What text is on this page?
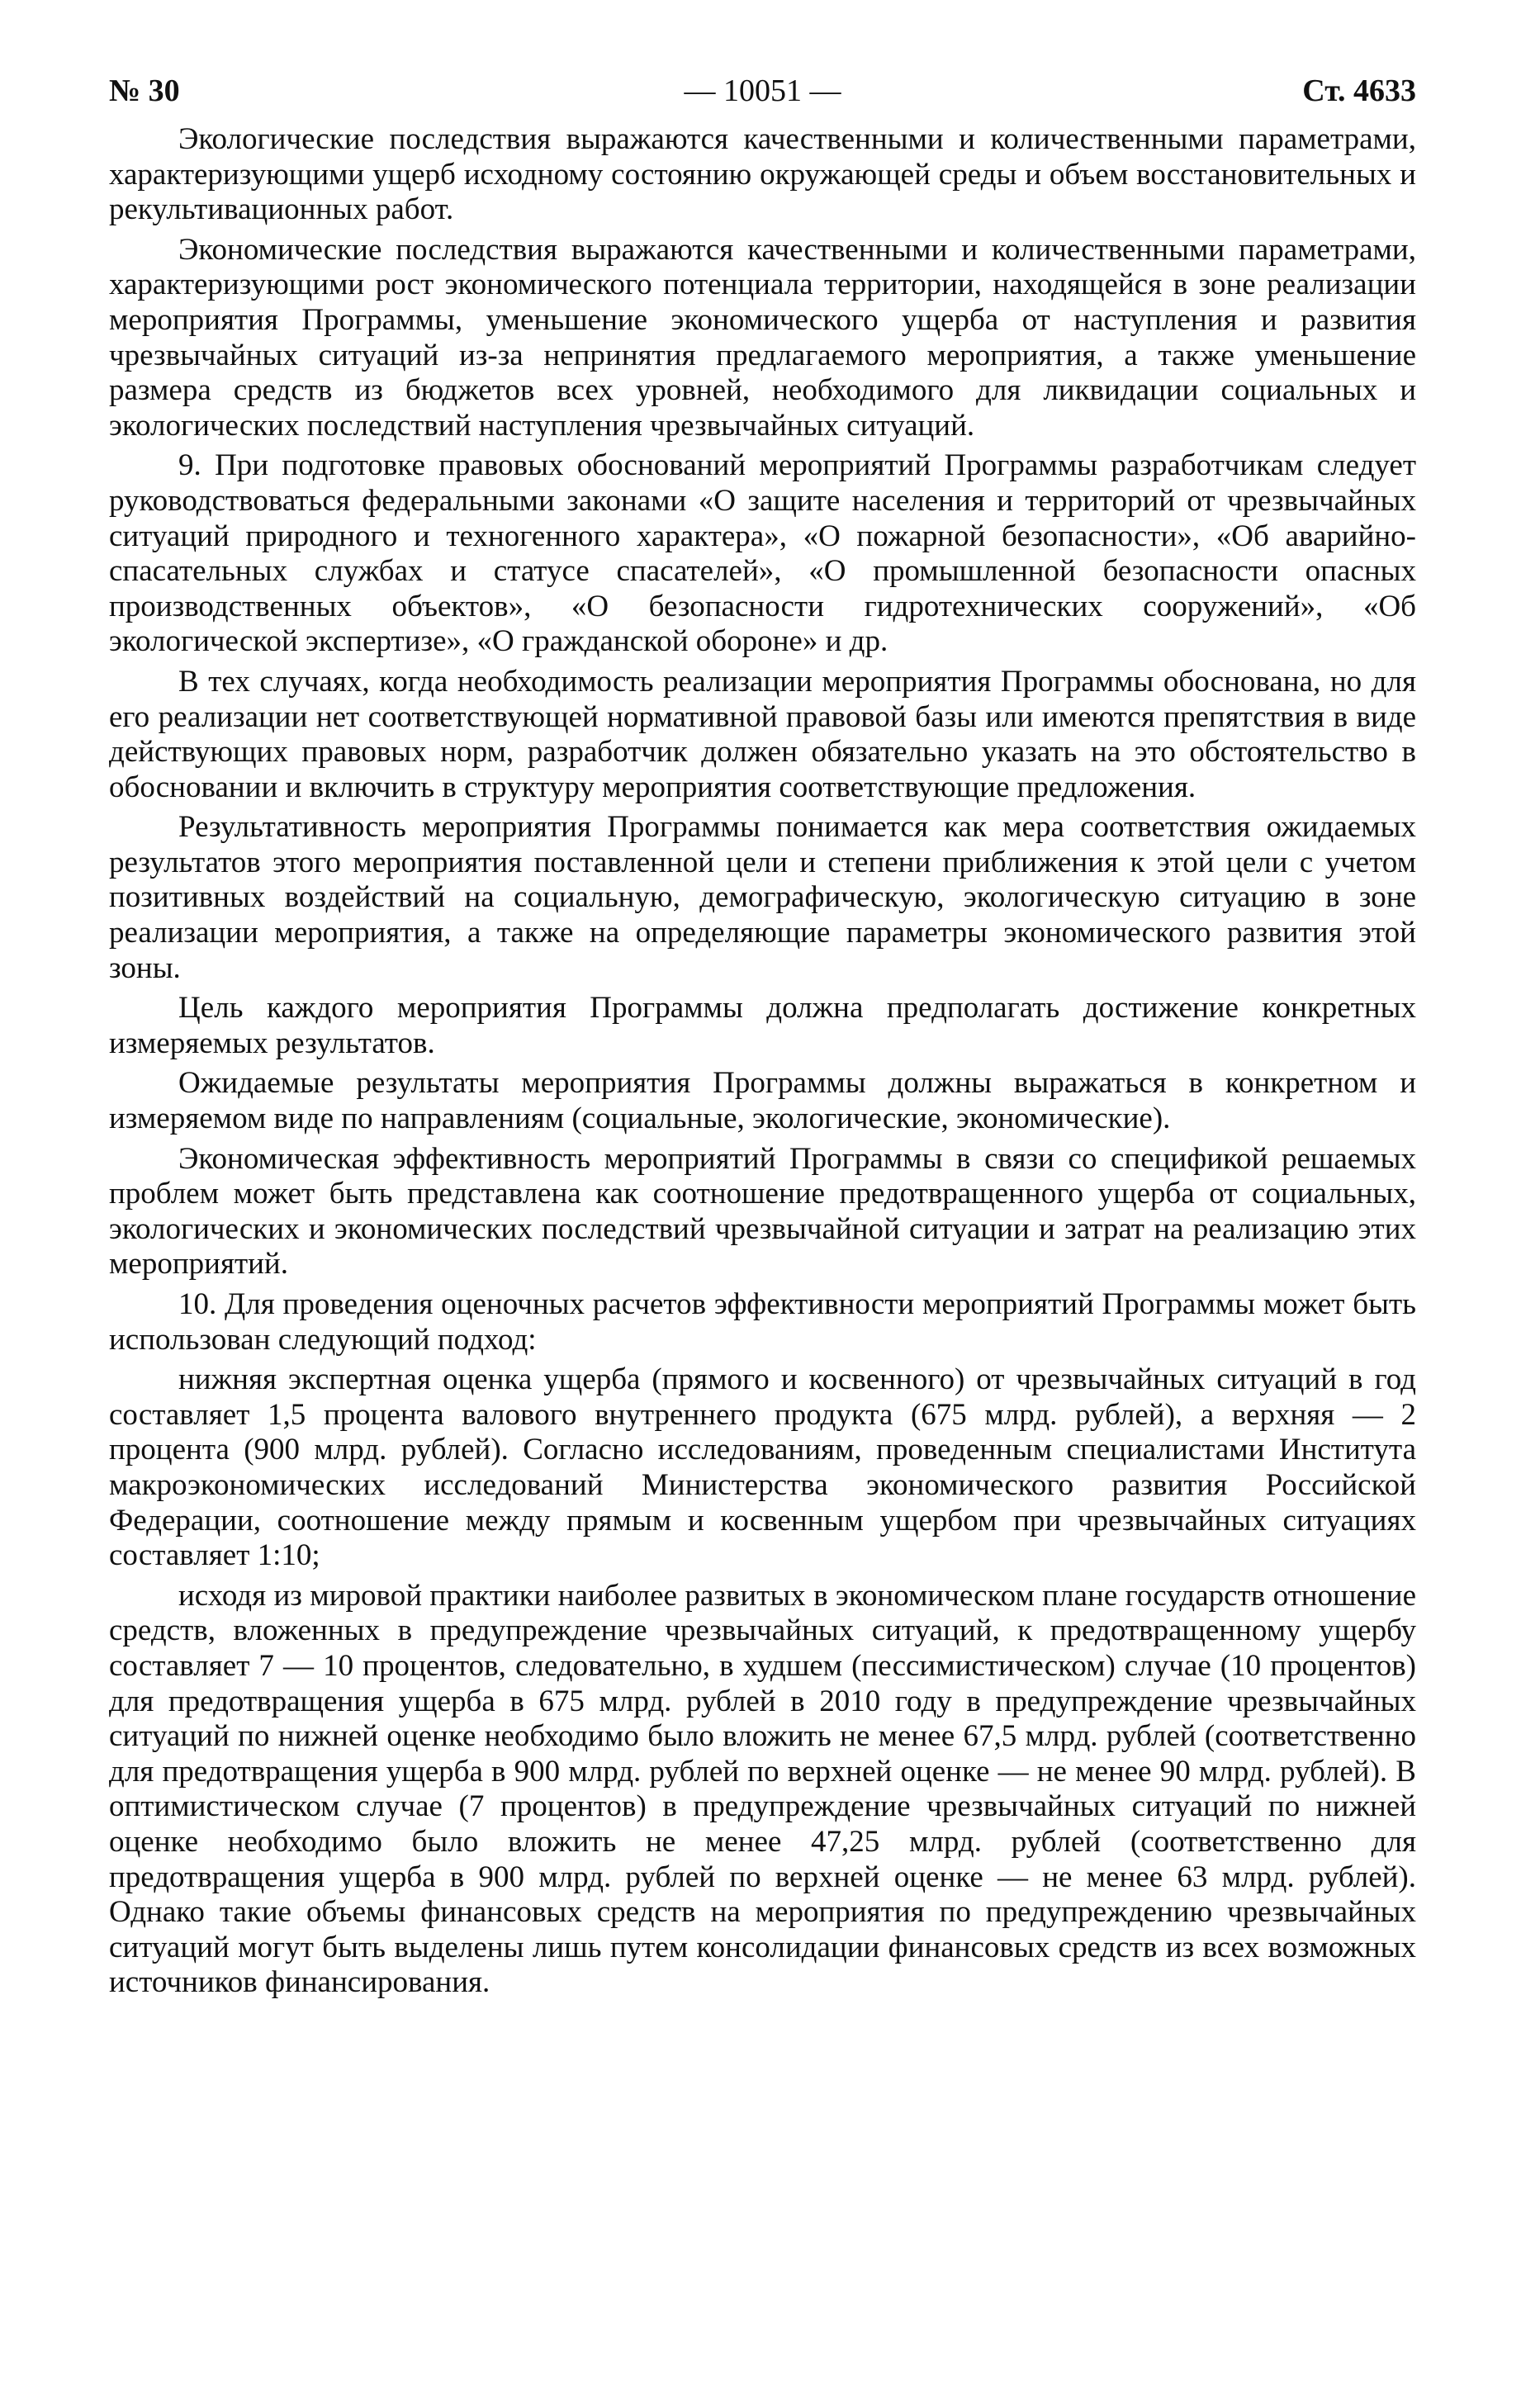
№ 30	— 10051 —	Ст. 4633

Экологические последствия выражаются качественными и количественными параметрами, характеризующими ущерб исходному состоянию окружающей среды и объем восстановительных и рекультивационных работ.

Экономические последствия выражаются качественными и количественными параметрами, характеризующими рост экономического потенциала территории, находящейся в зоне реализации мероприятия Программы, уменьшение экономического ущерба от наступления и развития чрезвычайных ситуаций из-за непринятия предлагаемого мероприятия, а также уменьшение размера средств из бюджетов всех уровней, необходимого для ликвидации социальных и экологических последствий наступления чрезвычайных ситуаций.

9. При подготовке правовых обоснований мероприятий Программы разработчикам следует руководствоваться федеральными законами «О защите населения и территорий от чрезвычайных ситуаций природного и техногенного характера», «О пожарной безопасности», «Об аварийно-спасательных службах и статусе спасателей», «О промышленной безопасности опасных производственных объектов», «О безопасности гидротехнических сооружений», «Об экологической экспертизе», «О гражданской обороне» и др.

В тех случаях, когда необходимость реализации мероприятия Программы обоснована, но для его реализации нет соответствующей нормативной правовой базы или имеются препятствия в виде действующих правовых норм, разработчик должен обязательно указать на это обстоятельство в обосновании и включить в структуру мероприятия соответствующие предложения.

Результативность мероприятия Программы понимается как мера соответствия ожидаемых результатов этого мероприятия поставленной цели и степени приближения к этой цели с учетом позитивных воздействий на социальную, демографическую, экологическую ситуацию в зоне реализации мероприятия, а также на определяющие параметры экономического развития этой зоны.

Цель каждого мероприятия Программы должна предполагать достижение конкретных измеряемых результатов.

Ожидаемые результаты мероприятия Программы должны выражаться в конкретном и измеряемом виде по направлениям (социальные, экологические, экономические).

Экономическая эффективность мероприятий Программы в связи со спецификой решаемых проблем может быть представлена как соотношение предотвращенного ущерба от социальных, экологических и экономических последствий чрезвычайной ситуации и затрат на реализацию этих мероприятий.

10. Для проведения оценочных расчетов эффективности мероприятий Программы может быть использован следующий подход:

нижняя экспертная оценка ущерба (прямого и косвенного) от чрезвычайных ситуаций в год составляет 1,5 процента валового внутреннего продукта (675 млрд. рублей), а верхняя — 2 процента (900 млрд. рублей). Согласно исследованиям, проведенным специалистами Института макроэкономических исследований Министерства экономического развития Российской Федерации, соотношение между прямым и косвенным ущербом при чрезвычайных ситуациях составляет 1:10;

исходя из мировой практики наиболее развитых в экономическом плане государств отношение средств, вложенных в предупреждение чрезвычайных ситуаций, к предотвращенному ущербу составляет 7 — 10 процентов, следовательно, в худшем (пессимистическом) случае (10 процентов) для предотвращения ущерба в 675 млрд. рублей в 2010 году в предупреждение чрезвычайных ситуаций по нижней оценке необходимо было вложить не менее 67,5 млрд. рублей (соответственно для предотвращения ущерба в 900 млрд. рублей по верхней оценке — не менее 90 млрд. рублей). В оптимистическом случае (7 процентов) в предупреждение чрезвычайных ситуаций по нижней оценке необходимо было вложить не менее 47,25 млрд. рублей (соответственно для предотвращения ущерба в 900 млрд. рублей по верхней оценке — не менее 63 млрд. рублей). Однако такие объемы финансовых средств на мероприятия по предупреждению чрезвычайных ситуаций могут быть выделены лишь путем консолидации финансовых средств из всех возможных источников финансирования.
